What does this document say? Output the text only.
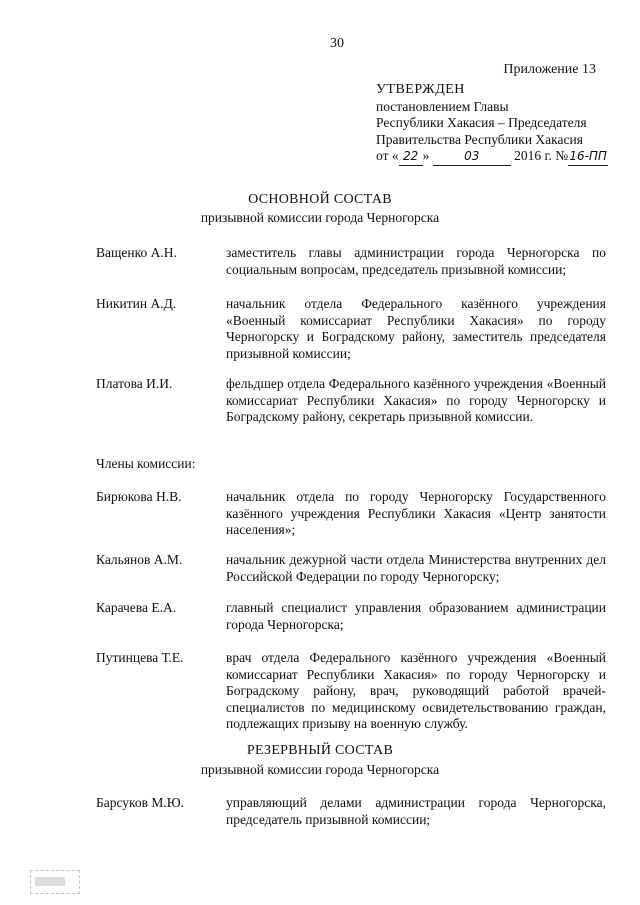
30
Приложение 13
УТВЕРЖДЕН
постановлением Главы
Республики Хакасия – Председателя
Правительства Республики Хакасия
от « 22 »	03	2016 г. №16-ПП
ОСНОВНОЙ СОСТАВ
призывной комиссии города Черногорска
Ващенко А.Н.	заместитель главы администрации города Черногорска по социальным вопросам, председатель призывной комиссии;
Никитин А.Д.	начальник отдела Федерального казённого учреждения «Военный комиссариат Республики Хакасия» по городу Черногорску и Боградскому району, заместитель председателя призывной комиссии;
Платова И.И.	фельдшер отдела Федерального казённого учреждения «Военный комиссариат Республики Хакасия» по городу Черногорску и Боградскому району, секретарь призывной комиссии.
Члены комиссии:
Бирюкова Н.В.	начальник отдела по городу Черногорску Государственного казённого учреждения Республики Хакасия «Центр занятости населения»;
Кальянов А.М.	начальник дежурной части отдела Министерства внутренних дел Российской Федерации по городу Черногорску;
Карачева Е.А.	главный специалист управления образованием администрации города Черногорска;
Путинцева Т.Е.	врач отдела Федерального казённого учреждения «Военный комиссариат Республики Хакасия» по городу Черногорску и Боградскому району, врач, руководящий работой врачей-специалистов по медицинскому освидетельствованию граждан, подлежащих призыву на военную службу.
РЕЗЕРВНЫЙ СОСТАВ
призывной комиссии города Черногорска
Барсуков М.Ю.	управляющий делами администрации города Черногорска, председатель призывной комиссии;
